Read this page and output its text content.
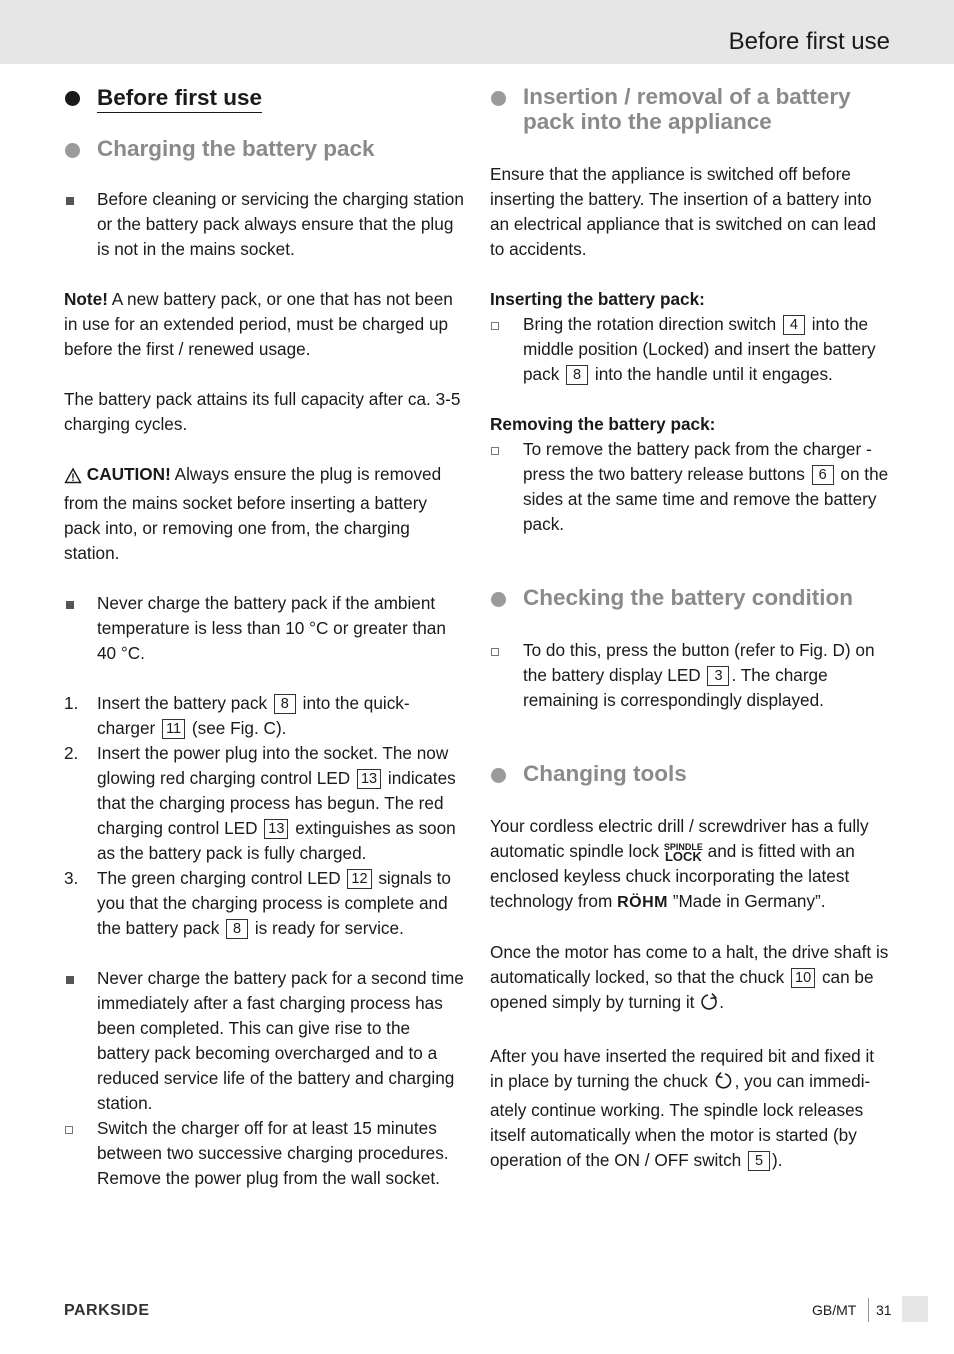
Before first use
Before first use
Charging the battery pack
Before cleaning or servicing the charging station or the battery pack always ensure that the plug is not in the mains socket.

Note! A new battery pack, or one that has not been in use for an extended period, must be charged up before the first / renewed usage.

The battery pack attains its full capacity after ca. 3-5 charging cycles.

CAUTION! Always ensure the plug is removed from the mains socket before inserting a battery pack into, or removing one from, the charging station.

Never charge the battery pack if the ambient temperature is less than 10 °C or greater than 40 °C.
1.	Insert the battery pack 8 into the quick-charger 11 (see Fig. C).
2.	Insert the power plug into the socket. The now glowing red charging control LED 13 indicates that the charging process has begun. The red charging control LED 13 extinguishes as soon as the battery pack is fully charged.
3.	The green charging control LED 12 signals to you that the charging process is complete and the battery pack 8 is ready for service.
Never charge the battery pack for a second time immediately after a fast charging process has been completed. This can give rise to the battery pack becoming overcharged and to a reduced service life of the battery and charging station.
Switch the charger off for at least 15 minutes between two successive charging procedures. Remove the power plug from the wall socket.
Insertion / removal of a battery pack into the appliance

Ensure that the appliance is switched off before inserting the battery. The insertion of a battery into an electrical appliance that is switched on can lead to accidents.

Inserting the battery pack:

Bring the rotation direction switch 4 into the middle position (Locked) and insert the battery pack 8 into the handle until it engages.

Removing the battery pack:

To remove the battery pack from the charger - press the two battery release buttons 6 on the sides at the same time and remove the battery pack.
Checking the battery condition
To do this, press the button (refer to Fig. D) on the battery display LED 3 . The charge remaining is correspondingly displayed.
Changing tools

Your cordless electric drill / screwdriver has a fully automatic spindle lock SPINDLE
LOCK and is fitted with an enclosed keyless chuck incorporating the latest technology from RÖHM ”Made in Germany”.

Once the motor has come to a halt, the drive shaft is automatically locked, so that the chuck 10 can be opened simply by turning it .

After you have inserted the required bit and fixed it in place by turning the chuck , you can immedi-ately continue working. The spindle lock releases itself automatically when the motor is started (by operation of the ON / OFF switch 5 ).

PARKSIDE	GB/MT 31
